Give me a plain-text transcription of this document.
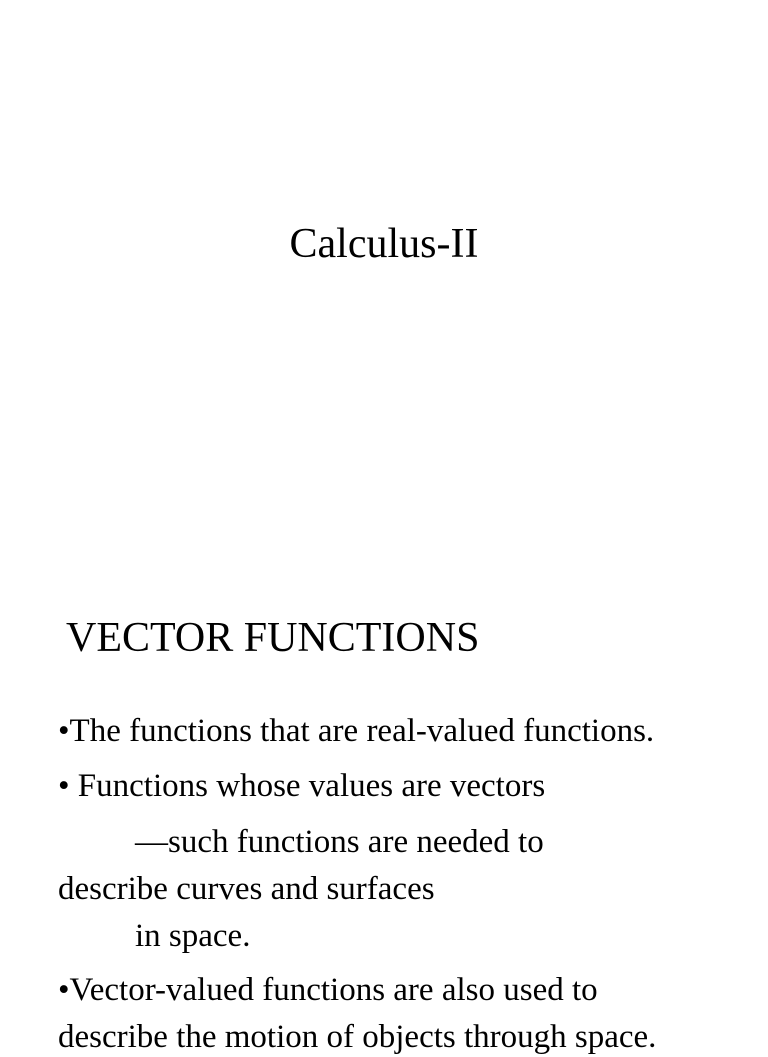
Calculus-II
VECTOR FUNCTIONS
•The functions that are real-valued functions.
• Functions whose values are vectors
—such functions are needed to
describe curves and surfaces
in space.
•Vector-valued functions are also used to
describe the motion of objects through space.
